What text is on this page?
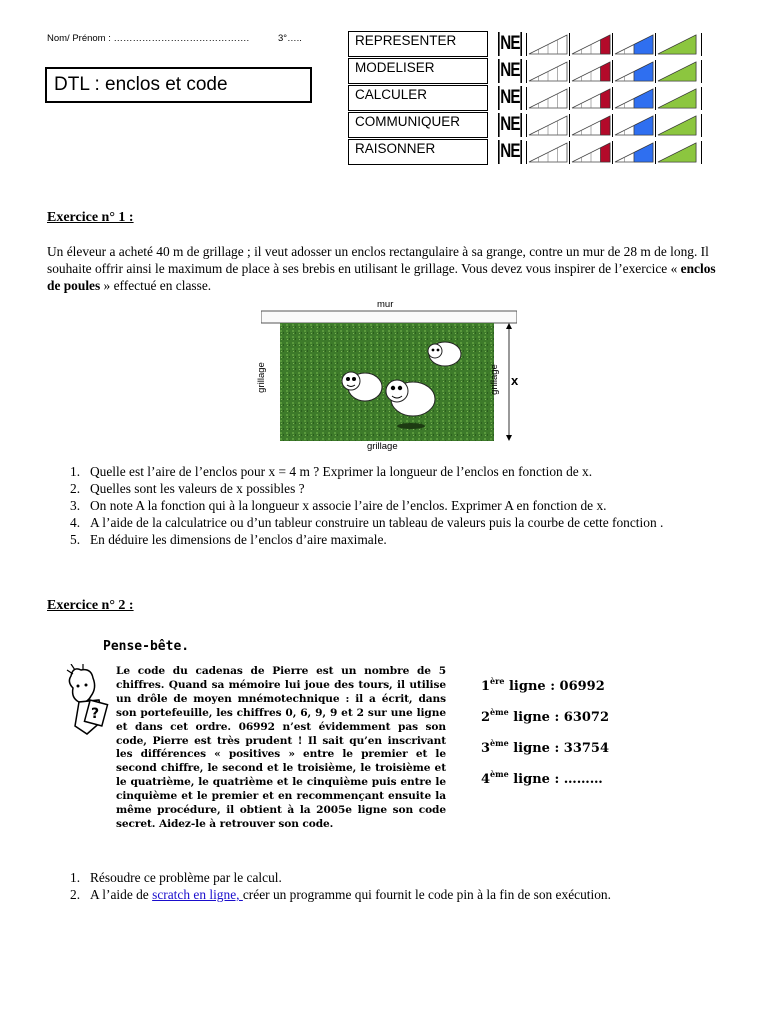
Nom/ Prénom : …………………………………….	3°…..
DTL : enclos et code
REPRESENTER	NE
MODELISER	NE
CALCULER	NE
COMMUNIQUER	NE
RAISONNER	NE
Exercice n° 1 :
Un éleveur a acheté 40 m de grillage ; il veut adosser un enclos rectangulaire à sa grange, contre un mur de 28 m de long. Il souhaite offrir ainsi le maximum de place à ses brebis en utilisant le grillage. Vous devez vous inspirer de l’exercice « enclos de poules » effectué en classe.
mur
grillage	grillage
grillage
x
1. Quelle est l’aire de l’enclos pour x = 4 m ? Exprimer la longueur de l’enclos en fonction de x.
2. Quelles sont les valeurs de x possibles ?
3. On note A la fonction qui à la longueur x associe l’aire de l’enclos. Exprimer A en fonction de x.
4. A l’aide de la calculatrice ou d’un tableur construire un tableau de valeurs puis la courbe de cette fonction .
5. En déduire les dimensions de l’enclos d’aire maximale.
Exercice n° 2 :
Pense-bête.
?
Le code du cadenas de Pierre est un nombre de 5 chiffres. Quand sa mémoire lui joue des tours, il utilise un drôle de moyen mnémotechnique : il a écrit, dans son portefeuille, les chiffres 0, 6, 9, 9 et 2 sur une ligne et dans cet ordre. 06992 n’est évidemment pas son code, Pierre est très prudent ! Il sait qu’en inscrivant les différences « positives » entre le premier et le second chiffre, le second et le troisième, le troisième et le quatrième, le quatrième et le cinquième puis entre le cinquième et le premier et en recommençant ensuite la même procédure, il obtient à la 2005e ligne son code secret. Aidez-le à retrouver son code.
1ère ligne : 06992
2ème ligne : 63072
3ème ligne : 33754
4ème ligne : ………
1. Résoudre ce problème par le calcul.
2. A l’aide de scratch en ligne, créer un programme qui fournit le code pin à la fin de son exécution.
